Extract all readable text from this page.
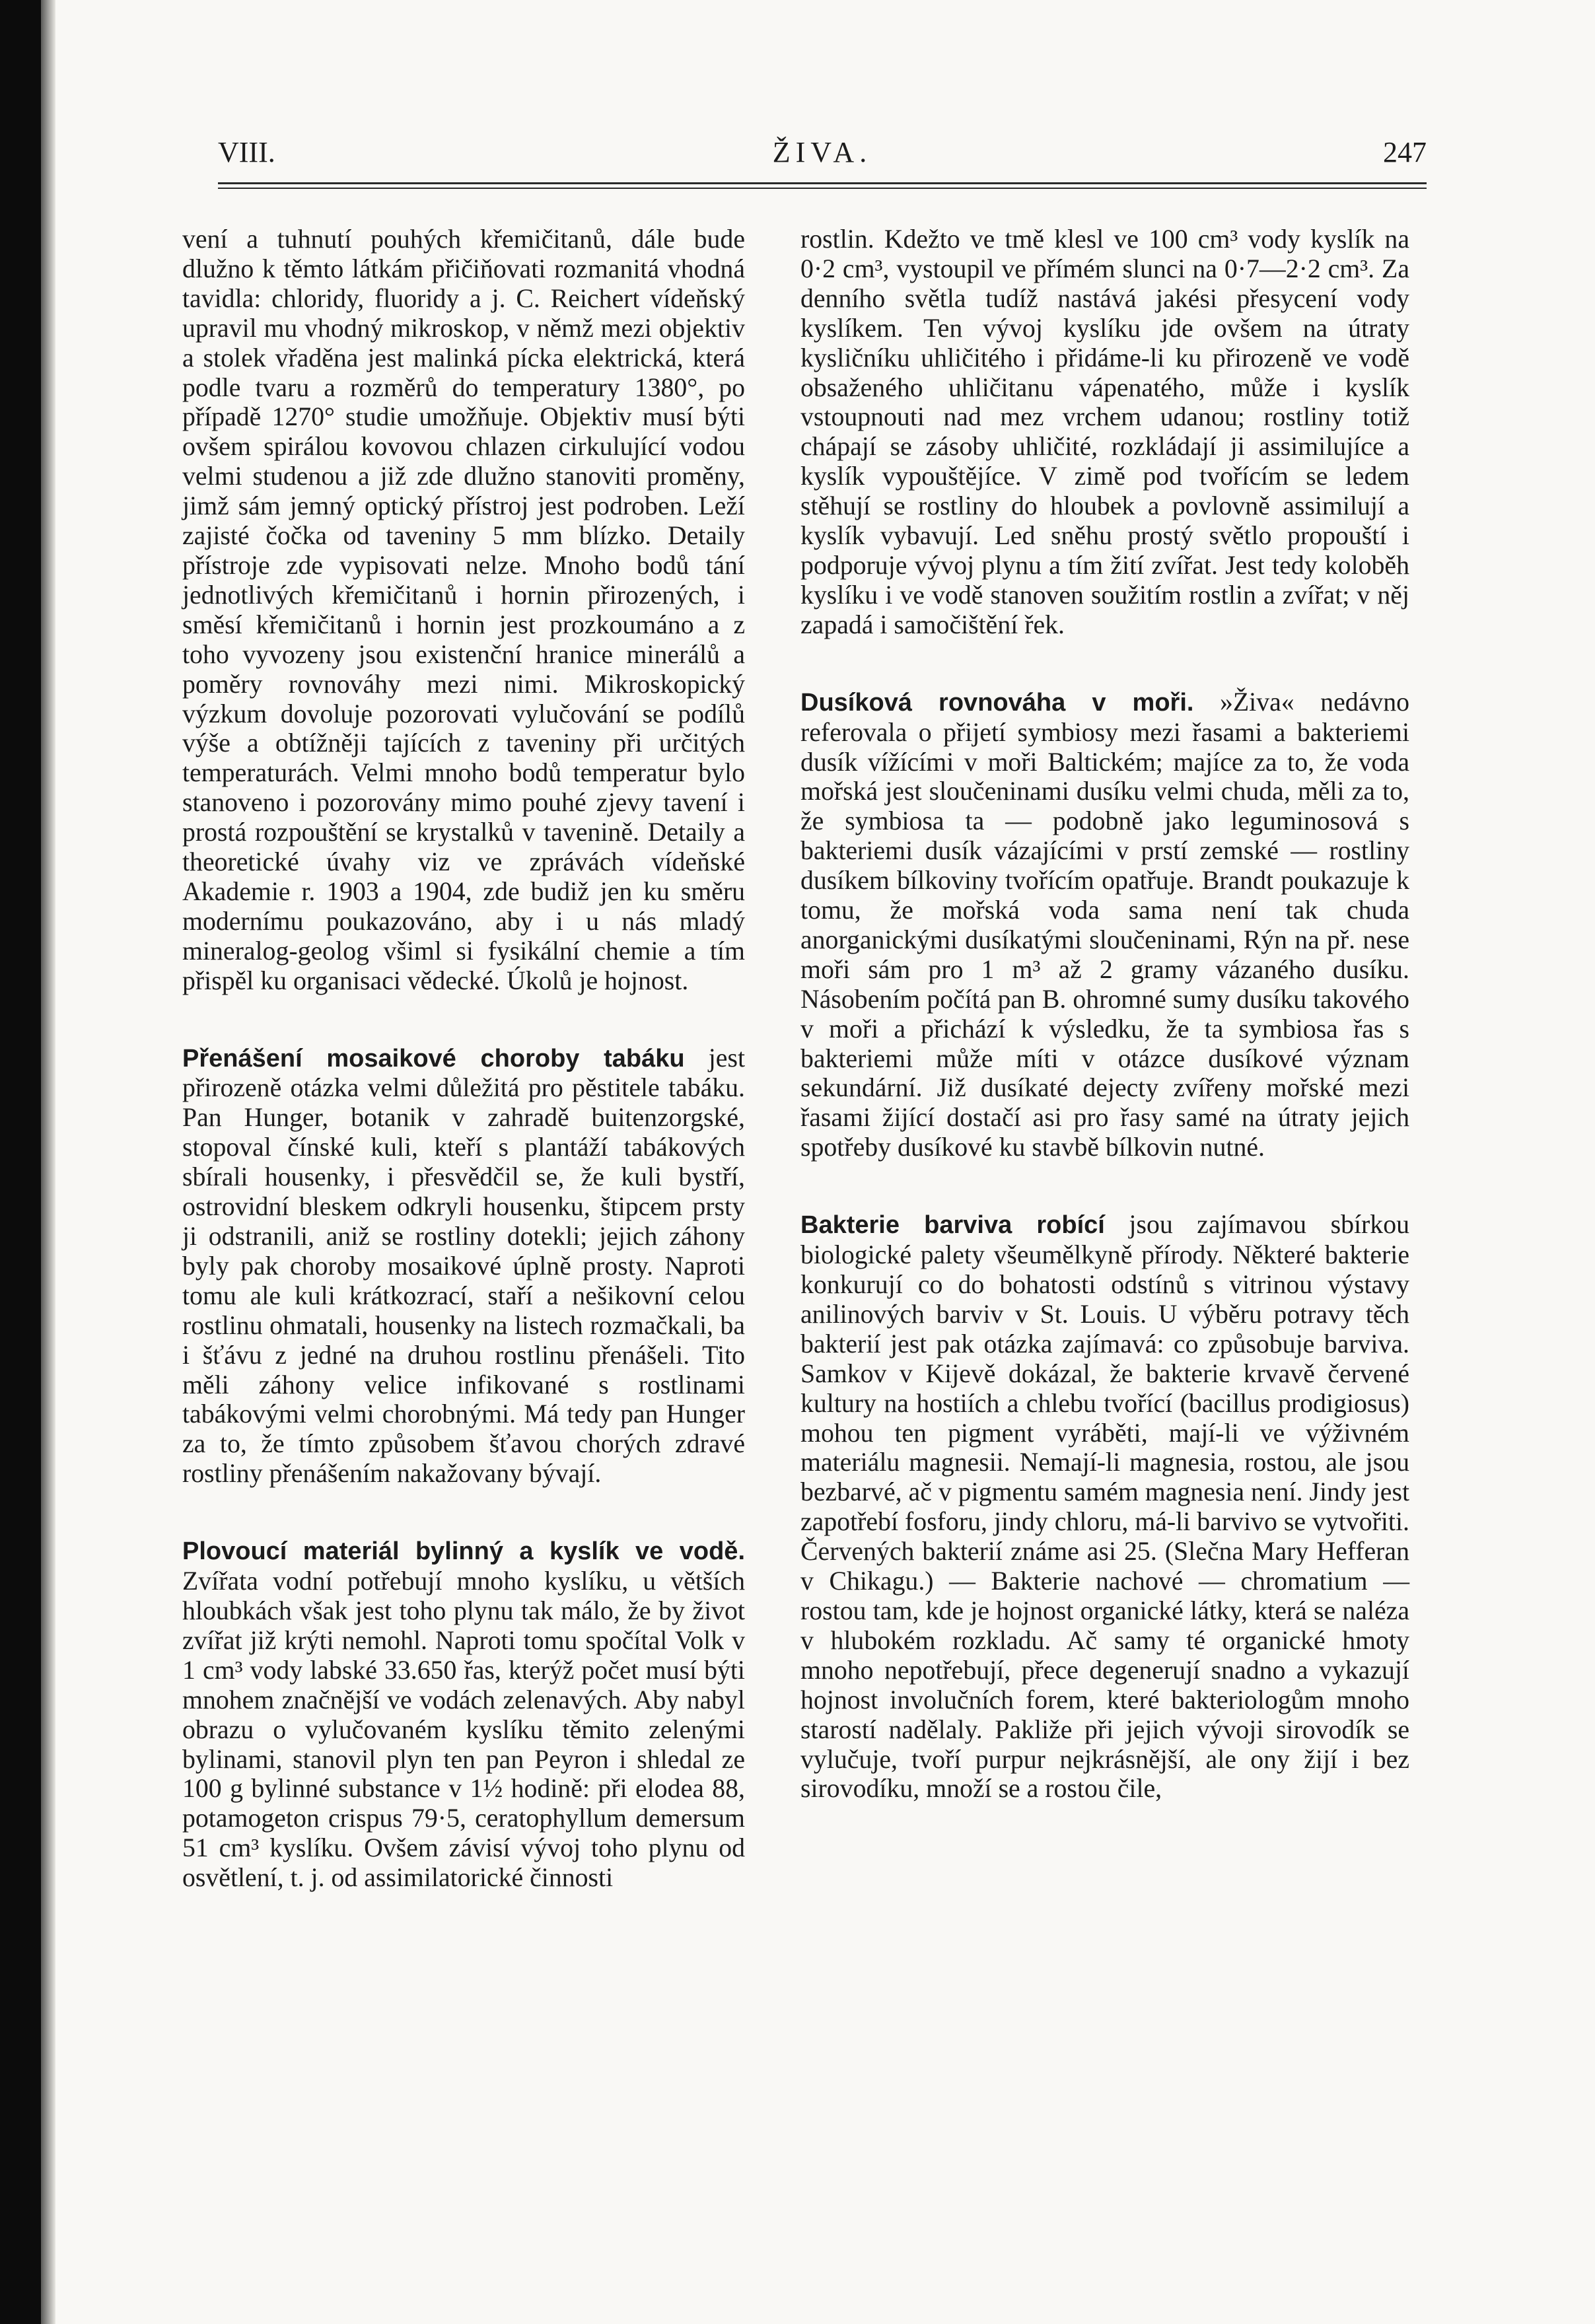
VIII.	ŽIVA.	247

vení a tuhnutí pouhých křemičitanů, dále bude dlužno k těmto látkám přičiňovati rozmanitá vhodná tavidla: chloridy, fluoridy a j. C. Reichert vídeňský upravil mu vhodný mikroskop, v němž mezi objektiv a stolek vřaděna jest malinká pícka elektrická, která podle tvaru a rozměrů do temperatury 1380°, po případě 1270° studie umožňuje. Objektiv musí býti ovšem spirálou kovovou chlazen cirkulující vodou velmi studenou a již zde dlužno stanoviti proměny, jimž sám jemný optický přístroj jest podroben. Leží zajisté čočka od taveniny 5 mm blízko. Detaily přístroje zde vypisovati nelze. Mnoho bodů tání jednotlivých křemičitanů i hornin přirozených, i směsí křemičitanů i hornin jest prozkoumáno a z toho vyvozeny jsou existenční hranice minerálů a poměry rovnováhy mezi nimi. Mikroskopický výzkum dovoluje pozorovati vylučování se podílů výše a obtížněji tajících z taveniny při určitých temperaturách. Velmi mnoho bodů temperatur bylo stanoveno i pozorovány mimo pouhé zjevy tavení i prostá rozpouštění se krystalků v tavenině. Detaily a theoretické úvahy viz ve zprávách vídeňské Akademie r. 1903 a 1904, zde budiž jen ku směru modernímu poukazováno, aby i u nás mladý mineralog-geolog všiml si fysikální chemie a tím přispěl ku organisaci vědecké. Úkolů je hojnost.

Přenášení mosaikové choroby tabáku jest přirozeně otázka velmi důležitá pro pěstitele tabáku. Pan Hunger, botanik v zahradě buitenzorgské, stopoval čínské kuli, kteří s plantáží tabákových sbírali housenky, i přesvědčil se, že kuli bystří, ostrovidní bleskem odkryli housenku, štipcem prsty ji odstranili, aniž se rostliny dotekli; jejich záhony byly pak choroby mosaikové úplně prosty. Naproti tomu ale kuli krátkozrací, staří a nešikovní celou rostlinu ohmatali, housenky na listech rozmačkali, ba i šťávu z jedné na druhou rostlinu přenášeli. Tito měli záhony velice infikované s rostlinami tabákovými velmi chorobnými. Má tedy pan Hunger za to, že tímto způsobem šťavou chorých zdravé rostliny přenášením nakažovany bývají.

Plovoucí materiál bylinný a kyslík ve vodě. Zvířata vodní potřebují mnoho kyslíku, u větších hloubkách však jest toho plynu tak málo, že by život zvířat již krýti nemohl. Naproti tomu spočítal Volk v 1 cm³ vody labské 33.650 řas, kterýž počet musí býti mnohem značnější ve vodách zelenavých. Aby nabyl obrazu o vylučovaném kyslíku těmito zelenými bylinami, stanovil plyn ten pan Peyron i shledal ze 100 g bylinné substance v 1½ hodině: při elodea 88, potamogeton crispus 79·5, ceratophyllum demersum 51 cm³ kyslíku. Ovšem závisí vývoj toho plynu od osvětlení, t. j. od assimilatorické činnosti

rostlin. Kdežto ve tmě klesl ve 100 cm³ vody kyslík na 0·2 cm³, vystoupil ve přímém slunci na 0·7—2·2 cm³. Za denního světla tudíž nastává jakési přesycení vody kyslíkem. Ten vývoj kyslíku jde ovšem na útraty kysličníku uhličitého i přidáme-li ku přirozeně ve vodě obsaženého uhličitanu vápenatého, může i kyslík vstoupnouti nad mez vrchem udanou; rostliny totiž chápají se zásoby uhličité, rozkládají ji assimilujíce a kyslík vypouštějíce. V zimě pod tvořícím se ledem stěhují se rostliny do hloubek a povlovně assimilují a kyslík vybavují. Led sněhu prostý světlo propouští i podporuje vývoj plynu a tím žití zvířat. Jest tedy koloběh kyslíku i ve vodě stanoven soužitím rostlin a zvířat; v něj zapadá i samočištění řek.

Dusíková rovnováha v moři. »Živa« nedávno referovala o přijetí symbiosy mezi řasami a bakteriemi dusík vížícími v moři Baltickém; majíce za to, že voda mořská jest sloučeninami dusíku velmi chuda, měli za to, že symbiosa ta — podobně jako leguminosová s bakteriemi dusík vázajícími v prstí zemské — rostliny dusíkem bílkoviny tvořícím opatřuje. Brandt poukazuje k tomu, že mořská voda sama není tak chuda anorganickými dusíkatými sloučeninami, Rýn na př. nese moři sám pro 1 m³ až 2 gramy vázaného dusíku. Násobením počítá pan B. ohromné sumy dusíku takového v moři a přichází k výsledku, že ta symbiosa řas s bakteriemi může míti v otázce dusíkové význam sekundární. Již dusíkaté dejecty zvířeny mořské mezi řasami žijící dostačí asi pro řasy samé na útraty jejich spotřeby dusíkové ku stavbě bílkovin nutné.

Bakterie barviva robící jsou zajímavou sbírkou biologické palety všeumělkyně přírody. Některé bakterie konkurují co do bohatosti odstínů s vitrinou výstavy anilinových barviv v St. Louis. U výběru potravy těch bakterií jest pak otázka zajímavá: co způsobuje barviva. Samkov v Kijevě dokázal, že bakterie krvavě červené kultury na hostiích a chlebu tvořící (bacillus prodigiosus) mohou ten pigment vyráběti, mají-li ve výživném materiálu magnesii. Nemají-li magnesia, rostou, ale jsou bezbarvé, ač v pigmentu samém magnesia není. Jindy jest zapotřebí fosforu, jindy chloru, má-li barvivo se vytvořiti. Červených bakterií známe asi 25. (Slečna Mary Hefferan v Chikagu.) — Bakterie nachové — chromatium — rostou tam, kde je hojnost organické látky, která se naléza v hlubokém rozkladu. Ač samy té organické hmoty mnoho nepotřebují, přece degenerují snadno a vykazují hojnost involučních forem, které bakteriologům mnoho starostí nadělaly. Pakliže při jejich vývoji sirovodík se vylučuje, tvoří purpur nejkrásnější, ale ony žijí i bez sirovodíku, množí se a rostou čile,
